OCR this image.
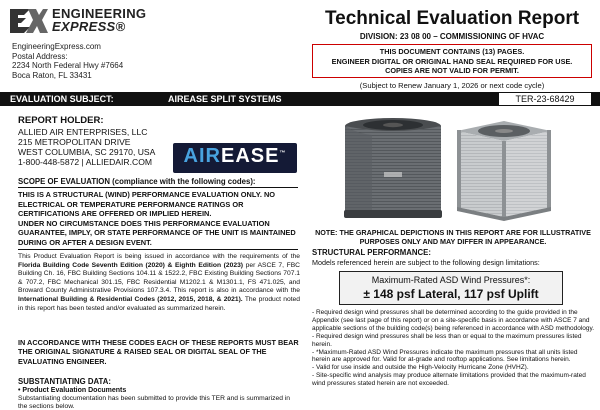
ENGINEERING
EXPRESS®
EngineeringExpress.com
Postal Address:
2234 North Federal Hwy #7664
Boca Raton, FL 33431
Technical Evaluation Report
DIVISION: 23 08 00 – COMMISSIONING OF HVAC
THIS DOCUMENT CONTAINS (13) PAGES.
ENGINEER DIGITAL OR ORIGINAL HAND SEAL REQUIRED FOR USE.
COPIES ARE NOT VALID FOR PERMIT.
(Subject to Renew January 1, 2026 or next code cycle)
EVALUATION SUBJECT:	AIREASE SPLIT SYSTEMS	TER-23-68429
REPORT HOLDER:
ALLIED AIR ENTERPRISES, LLC
215 METROPOLITAN DRIVE
WEST COLUMBIA, SC 29170, USA
1-800-448-5872 | ALLIEDAIR.COM	AIREASE™
SCOPE OF EVALUATION (compliance with the following codes):
THIS IS A STRUCTURAL (WIND) PERFORMANCE EVALUATION ONLY. NO ELECTRICAL OR TEMPERATURE PERFORMANCE RATINGS OR CERTIFICATIONS ARE OFFERED OR IMPLIED HEREIN.
UNDER NO CIRCUMSTANCE DOES THIS PERFORMANCE EVALUATION GUARANTEE, IMPLY, OR STATE PERFORMANCE OF THE UNIT IS MAINTAINED DURING OR AFTER A DESIGN EVENT.
This Product Evaluation Report is being issued in accordance with the requirements of the Florida Building Code Seventh Edition (2020) & Eighth Edition (2023) per ASCE 7, FBC Building Ch. 16, FBC Building Sections 104.11 & 1522.2, FBC Existing Building Sections 707.1 & 707.2, FBC Mechanical 301.15, FBC Residential M1202.1 & M1301.1, FS 471.025, and Broward County Administrative Provisions 107.3.4. This report is also in accordance with the International Building & Residential Codes (2012, 2015, 2018, & 2021). The product noted in this report has been tested and/or evaluated as summarized herein.
IN ACCORDANCE WITH THESE CODES EACH OF THESE REPORTS MUST BEAR THE ORIGINAL SIGNATURE & RAISED SEAL OR DIGITAL SEAL OF THE EVALUATING ENGINEER.
SUBSTANTIATING DATA:
• Product Evaluation Documents
Substantiating documentation has been submitted to provide this TER and is summarized in the sections below.
NOTE: THE GRAPHICAL DEPICTIONS IN THIS REPORT ARE FOR ILLUSTRATIVE PURPOSES ONLY AND MAY DIFFER IN APPEARANCE.
STRUCTURAL PERFORMANCE:
Models referenced herein are subject to the following design limitations:
Maximum-Rated ASD Wind Pressures*:
± 148 psf Lateral, 117 psf Uplift
- Required design wind pressures shall be determined according to the guide provided in the Appendix (see last page of this report) or on a site-specific basis in accordance with ASCE 7 and applicable sections of the building code(s) being referenced in accordance with ASD methodology.
- Required design wind pressures shall be less than or equal to the maximum pressures listed herein.
- *Maximum-Rated ASD Wind Pressures indicate the maximum pressures that all units listed herein are approved for. Valid for at-grade and rooftop applications. See limitations herein.
- Valid for use inside and outside the High-Velocity Hurricane Zone (HVHZ).
- Site-specific wind analysis may produce alternate limitations provided that the maximum-rated wind pressures stated herein are not exceeded.
